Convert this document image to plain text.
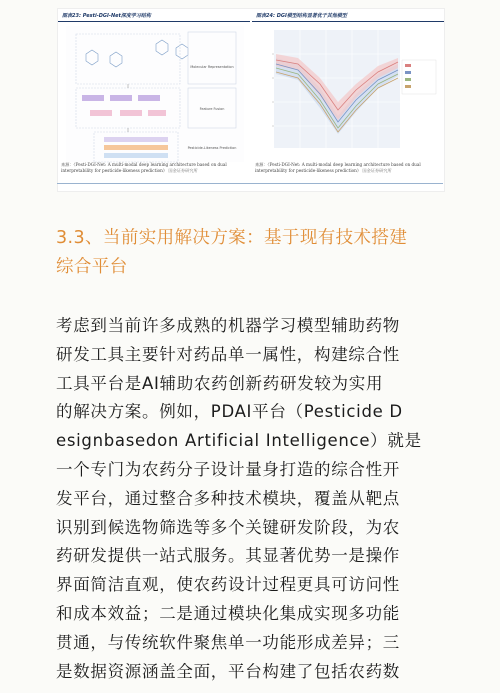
图表23: Pesti-DGI-Net深度学习结构
Molecular Representation
Feature Fusion
Pesticide-Likeness Prediction
来源：《Pesti-DGI-Net: A multi-modal deep learning architecture based on dual interpretability for pesticide-likeness prediction》 国金证券研究所
图表24: DGI模型结构显著优于其他模型
来源：《Pesti-DGI-Net: A multi-modal deep learning architecture based on dual interpretability for pesticide-likeness prediction》 国金证券研究所
3.3、当前实用解决方案：基于现有技术搭建
综合平台
考虑到当前许多成熟的机器学习模型辅助药物
研发工具主要针对药品单一属性，构建综合性
工具平台是AI辅助农药创新药研发较为实用
的解决方案。例如，PDAI平台（Pesticide D
esignbasedon Artificial Intelligence）就是
一个专门为农药分子设计量身打造的综合性开
发平台，通过整合多种技术模块，覆盖从靶点
识别到候选物筛选等多个关键研发阶段，为农
药研发提供一站式服务。其显著优势一是操作
界面简洁直观，使农药设计过程更具可访问性
和成本效益；二是通过模块化集成实现多功能
贯通，与传统软件聚焦单一功能形成差异；三
是数据资源涵盖全面，平台构建了包括农药数
